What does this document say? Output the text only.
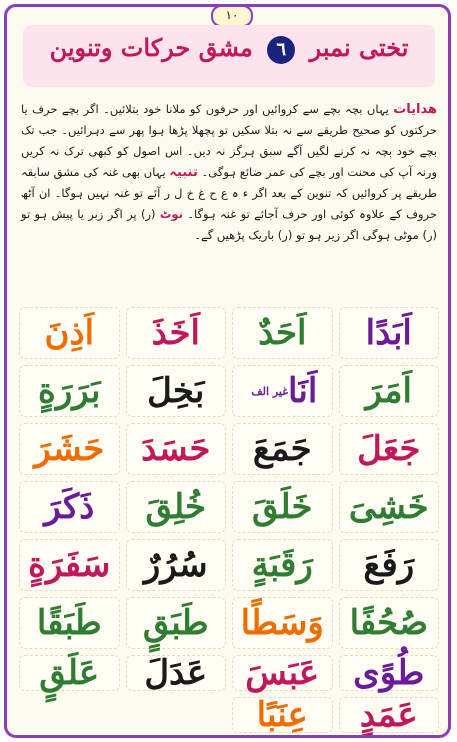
١٠
تختی نمبر ٦ مشق حرکات وتنوین
ھدایات یہاں بچہ بچے سے کروائیں اور حرفوں کو ملانا خود بتلائیں۔ اگر بچے حرف یا حرکتوں کو صحیح طریقے سے نہ بتلا سکیں تو پچھلا پڑھا ہوا پھر سے دہرائیں۔ جب تک بچے خود بچہ نہ کرنے لگیں آگے سبق ہرگز نہ دیں۔ اس اصول کو کبھی ترک نہ کریں ورنہ آپ کی محنت اور بچے کی عمر ضائع ہوگی۔ تنبیہ یہاں بھی غنہ کی مشق سابقہ طریقے پر کروائیں کہ تنوین کے بعد اگر ء ہ ع ح غ خ ل ر آئے تو غنہ نہیں ہوگا۔ ان آٹھ حروف کے علاوہ کوئی اور حرف آجائے تو غنہ ہوگا۔ نوٹ (ر) پر اگر زبر یا پیش ہو تو (ر) موٹی ہوگی اگر زیر ہو تو (ر) باریک پڑھیں گے۔
اَبَدًا
اَحَدٌ
اَخَذَ
اَذِنَ
اَمَرَ
اَنَا
غیر الف
بَخِلَ
بَرَرَةٍ
جَعَلَ
جَمَعَ
حَسَدَ
حَشَرَ
خَشِیَ
خَلَقَ
خُلِقَ
ذَکَرَ
رَفَعَ
رَقَبَةٍ
سُرُرٌ
سَفَرَةٍ
صُحُفًا
وَسَطًا
طَبَقٍ
طَبَقًا
طُوًی
عَبَسَ
عَدَلَ
عَلَقٍ
عَمَدٍ
عِنَبًا
